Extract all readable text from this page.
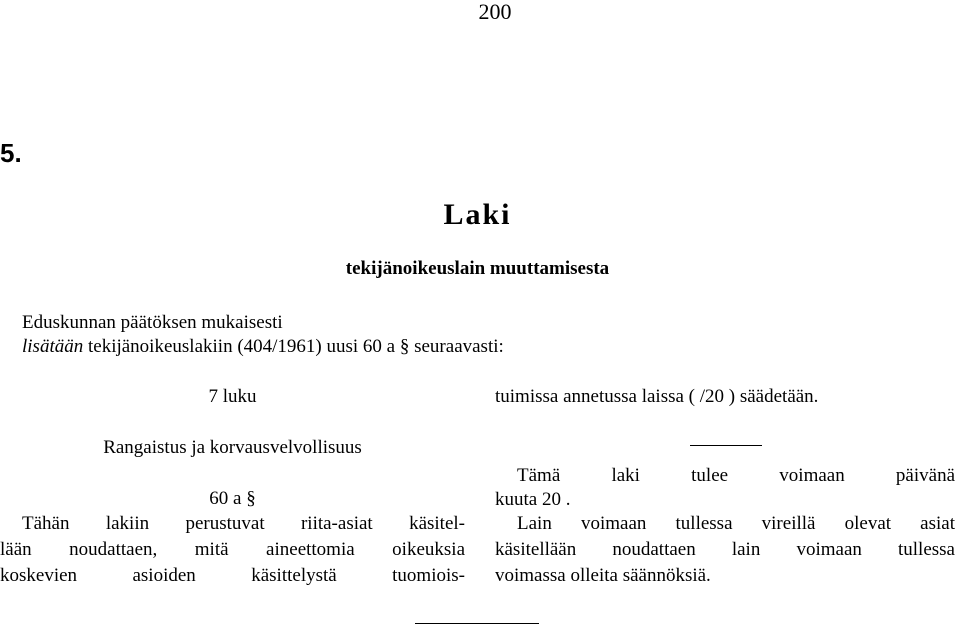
200
5.
Laki
tekijänoikeuslain muuttamisesta
Eduskunnan päätöksen mukaisesti
lisätään tekijänoikeuslakiin (404/1961) uusi 60 a § seuraavasti:
7 luku
Rangaistus ja korvausvelvollisuus
60 a §
Tähän lakiin perustuvat riita-asiat käsitel-
lään noudattaen, mitä aineettomia oikeuksia
koskevien asioiden käsittelystä tuomiois-
tuimissa annetussa laissa ( /20 ) säädetään.
Tämä laki tulee voimaan päivänä
kuuta 20 .
Lain voimaan tullessa vireillä olevat asiat
käsitellään noudattaen lain voimaan tullessa
voimassa olleita säännöksiä.
